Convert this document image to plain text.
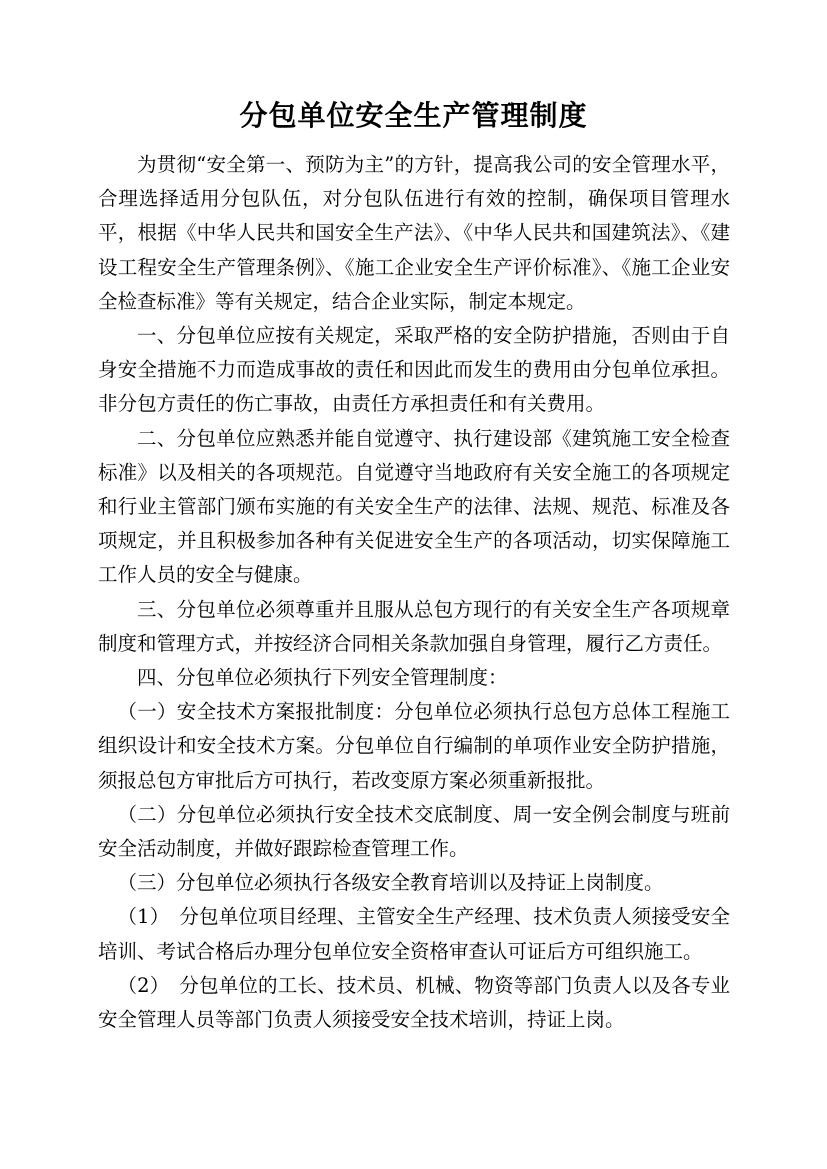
分包单位安全生产管理制度

为贯彻“安全第一、预防为主”的方针，提高我公司的安全管理水平，合理选择适用分包队伍，对分包队伍进行有效的控制，确保项目管理水平，根据《中华人民共和国安全生产法》、《中华人民共和国建筑法》、《建设工程安全生产管理条例》、《施工企业安全生产评价标准》、《施工企业安全检查标准》等有关规定，结合企业实际，制定本规定。

一、分包单位应按有关规定，采取严格的安全防护措施，否则由于自身安全措施不力而造成事故的责任和因此而发生的费用由分包单位承担。非分包方责任的伤亡事故，由责任方承担责任和有关费用。

二、分包单位应熟悉并能自觉遵守、执行建设部《建筑施工安全检查标准》以及相关的各项规范。自觉遵守当地政府有关安全施工的各项规定和行业主管部门颁布实施的有关安全生产的法律、法规、规范、标准及各项规定，并且积极参加各种有关促进安全生产的各项活动，切实保障施工工作人员的安全与健康。

三、分包单位必须尊重并且服从总包方现行的有关安全生产各项规章制度和管理方式，并按经济合同相关条款加强自身管理，履行乙方责任。

四、分包单位必须执行下列安全管理制度：

（一）安全技术方案报批制度：分包单位必须执行总包方总体工程施工组织设计和安全技术方案。分包单位自行编制的单项作业安全防护措施，须报总包方审批后方可执行，若改变原方案必须重新报批。

（二）分包单位必须执行安全技术交底制度、周一安全例会制度与班前安全活动制度，并做好跟踪检查管理工作。

（三）分包单位必须执行各级安全教育培训以及持证上岗制度。

（1）　分包单位项目经理、主管安全生产经理、技术负责人须接受安全培训、考试合格后办理分包单位安全资格审查认可证后方可组织施工。

（2）　分包单位的工长、技术员、机械、物资等部门负责人以及各专业安全管理人员等部门负责人须接受安全技术培训，持证上岗。
